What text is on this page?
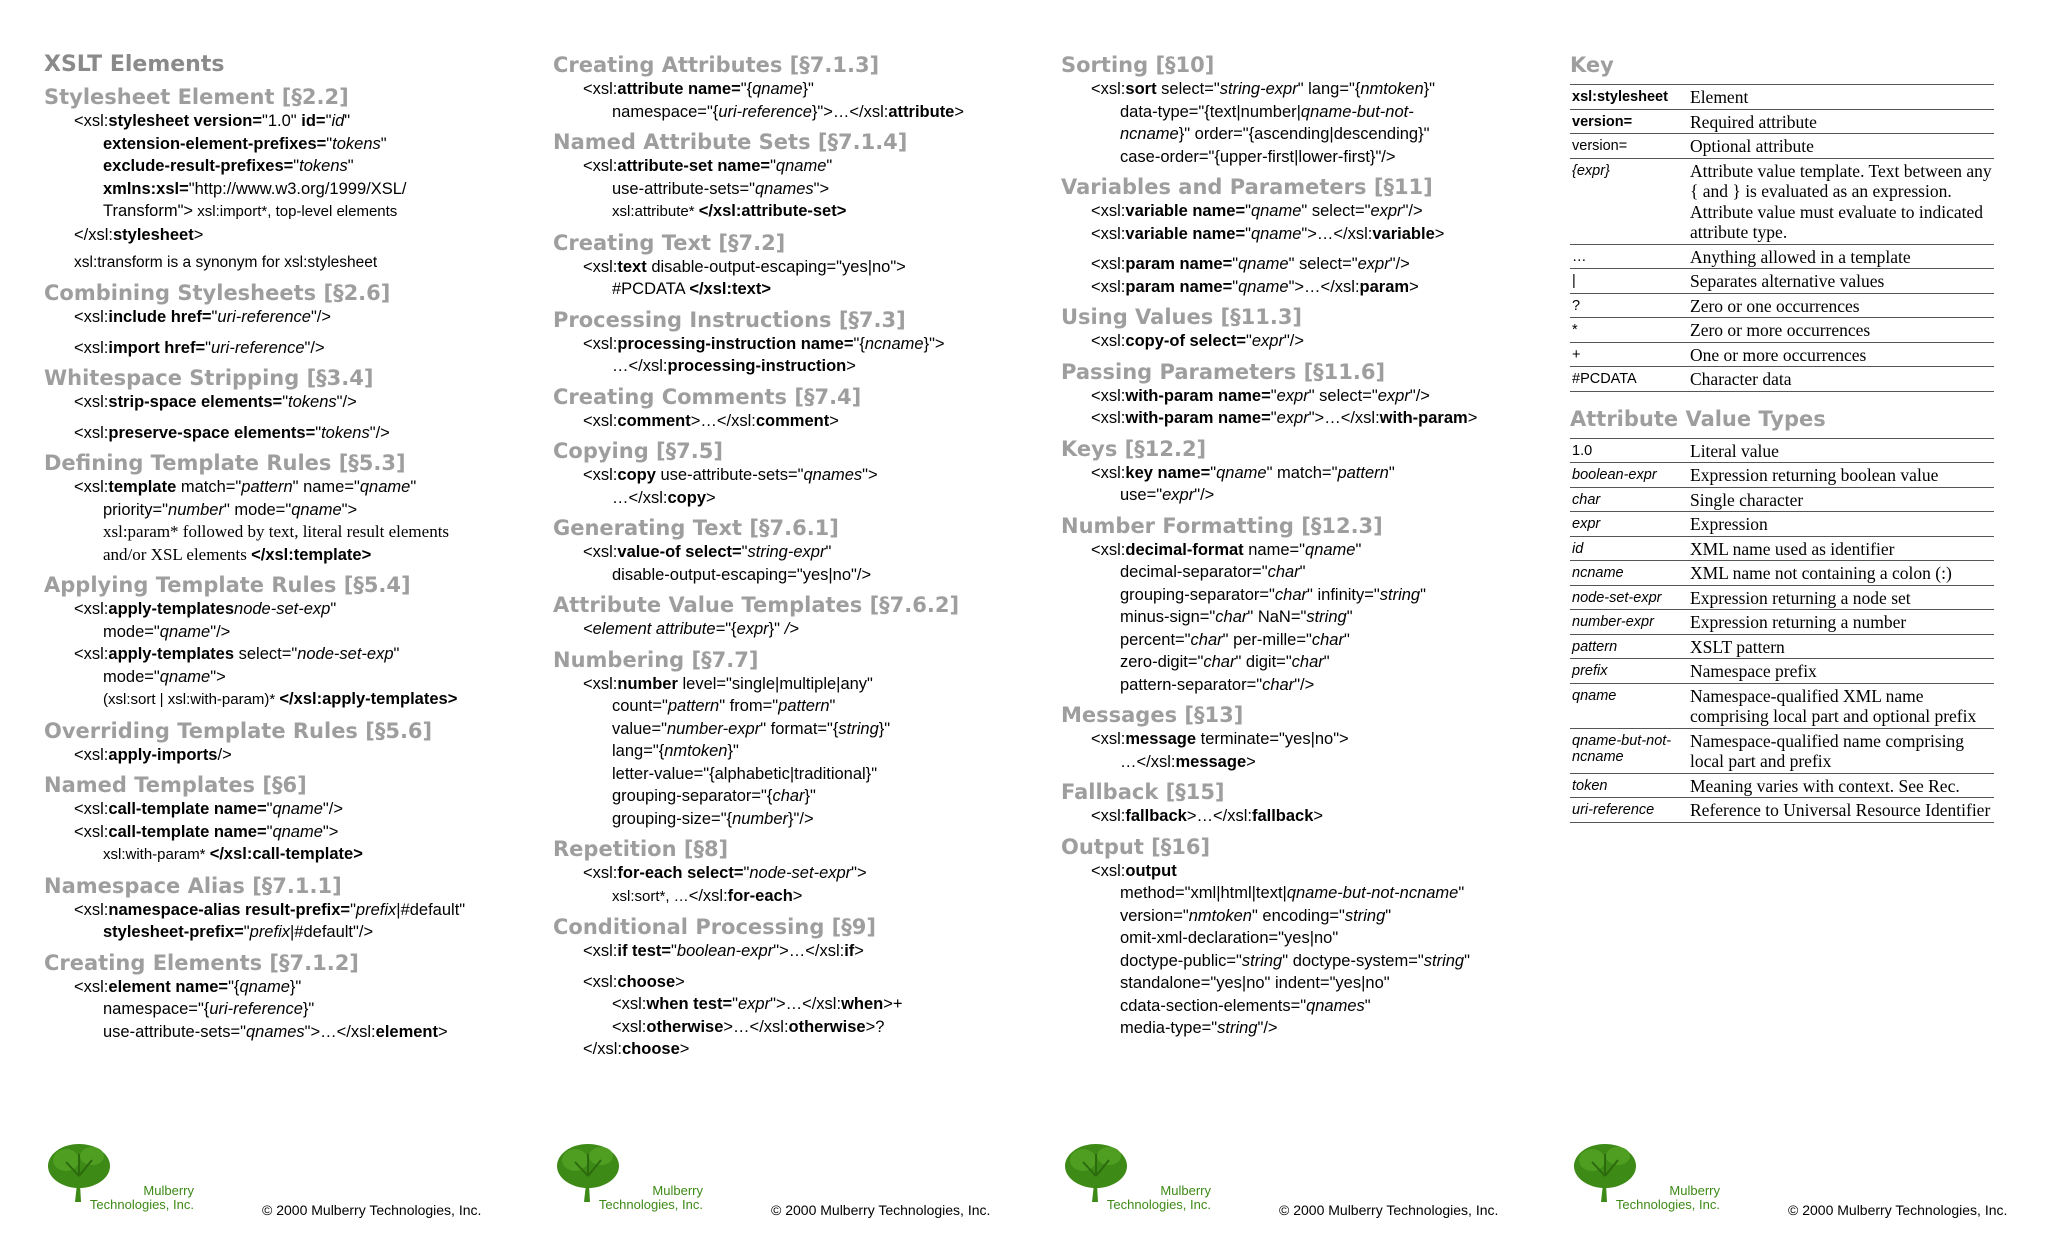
XSLT Elements
Stylesheet Element [§2.2]
<xsl:stylesheet version="1.0" id="id"
extension-element-prefixes="tokens"
exclude-result-prefixes="tokens"
xmlns:xsl="http://www.w3.org/1999/XSL/
Transform"> xsl:import*, top-level elements
</xsl:stylesheet>
xsl:transform is a synonym for xsl:stylesheet
Combining Stylesheets [§2.6]
<xsl:include href="uri-reference"/>
<xsl:import href="uri-reference"/>
Whitespace Stripping [§3.4]
<xsl:strip-space elements="tokens"/>
<xsl:preserve-space elements="tokens"/>
Defining Template Rules [§5.3]
<xsl:template match="pattern" name="qname"
priority="number" mode="qname">
xsl:param* followed by text, literal result elements
and/or XSL elements </xsl:template>
Applying Template Rules [§5.4]
<xsl:apply-templatesnode-set-exp"
mode="qname"/>
<xsl:apply-templates select="node-set-exp"
mode="qname">
(xsl:sort | xsl:with-param)* </xsl:apply-templates>
Overriding Template Rules [§5.6]
<xsl:apply-imports/>
Named Templates [§6]
<xsl:call-template name="qname"/>
<xsl:call-template name="qname">
xsl:with-param* </xsl:call-template>
Namespace Alias [§7.1.1]
<xsl:namespace-alias result-prefix="prefix|#default"
stylesheet-prefix="prefix|#default"/>
Creating Elements [§7.1.2]
<xsl:element name="{qname}"
namespace="{uri-reference}"
use-attribute-sets="qnames">…</xsl:element>
Creating Attributes [§7.1.3]
<xsl:attribute name="{qname}"
namespace="{uri-reference}">…</xsl:attribute>
Named Attribute Sets [§7.1.4]
<xsl:attribute-set name="qname"
use-attribute-sets="qnames">
xsl:attribute* </xsl:attribute-set>
Creating Text [§7.2]
<xsl:text disable-output-escaping="yes|no">
#PCDATA </xsl:text>
Processing Instructions [§7.3]
<xsl:processing-instruction name="{ncname}">
…</xsl:processing-instruction>
Creating Comments [§7.4]
<xsl:comment>…</xsl:comment>
Copying [§7.5]
<xsl:copy use-attribute-sets="qnames">
…</xsl:copy>
Generating Text [§7.6.1]
<xsl:value-of select="string-expr"
disable-output-escaping="yes|no"/>
Attribute Value Templates [§7.6.2]
<element attribute="{expr}" />
Numbering [§7.7]
<xsl:number level="single|multiple|any"
count="pattern" from="pattern"
value="number-expr" format="{string}"
lang="{nmtoken}"
letter-value="{alphabetic|traditional}"
grouping-separator="{char}"
grouping-size="{number}"/>
Repetition [§8]
<xsl:for-each select="node-set-expr">
xsl:sort*, …</xsl:for-each>
Conditional Processing [§9]
<xsl:if test="boolean-expr">…</xsl:if>
<xsl:choose>
<xsl:when test="expr">…</xsl:when>+
<xsl:otherwise>…</xsl:otherwise>?
</xsl:choose>
Sorting [§10]
<xsl:sort select="string-expr" lang="{nmtoken}"
data-type="{text|number|qname-but-not-
ncname}" order="{ascending|descending}"
case-order="{upper-first|lower-first}"/>
Variables and Parameters [§11]
<xsl:variable name="qname" select="expr"/>
<xsl:variable name="qname">…</xsl:variable>
<xsl:param name="qname" select="expr"/>
<xsl:param name="qname">…</xsl:param>
Using Values [§11.3]
<xsl:copy-of select="expr"/>
Passing Parameters [§11.6]
<xsl:with-param name="expr" select="expr"/>
<xsl:with-param name="expr">…</xsl:with-param>
Keys [§12.2]
<xsl:key name="qname" match="pattern"
use="expr"/>
Number Formatting [§12.3]
<xsl:decimal-format name="qname"
decimal-separator="char"
grouping-separator="char" infinity="string"
minus-sign="char" NaN="string"
percent="char" per-mille="char"
zero-digit="char" digit="char"
pattern-separator="char"/>
Messages [§13]
<xsl:message terminate="yes|no">
…</xsl:message>
Fallback [§15]
<xsl:fallback>…</xsl:fallback>
Output [§16]
<xsl:output
method="xml|html|text|qname-but-not-ncname"
version="nmtoken" encoding="string"
omit-xml-declaration="yes|no"
doctype-public="string" doctype-system="string"
standalone="yes|no" indent="yes|no"
cdata-section-elements="qnames"
media-type="string"/>
Key
xsl:stylesheet	Element
version=	Required attribute
version=	Optional attribute
{expr}	Attribute value template. Text between any { and } is evaluated as an expression. Attribute value must evaluate to indicated attribute type.
…	Anything allowed in a template
|	Separates alternative values
?	Zero or one occurrences
*	Zero or more occurrences
+	One or more occurrences
#PCDATA	Character data
Attribute Value Types
1.0	Literal value
boolean-expr	Expression returning boolean value
char	Single character
expr	Expression
id	XML name used as identifier
ncname	XML name not containing a colon (:)
node-set-expr	Expression returning a node set
number-expr	Expression returning a number
pattern	XSLT pattern
prefix	Namespace prefix
qname	Namespace-qualified XML name comprising local part and optional prefix
qname-but-not-ncname	Namespace-qualified name comprising local part and prefix
token	Meaning varies with context. See Rec.
uri-reference	Reference to Universal Resource Identifier
Mulberry
Technologies, Inc.	© 2000 Mulberry Technologies, Inc.
Mulberry
Technologies, Inc.	© 2000 Mulberry Technologies, Inc.
Mulberry
Technologies, Inc.	© 2000 Mulberry Technologies, Inc.
Mulberry
Technologies, Inc.	© 2000 Mulberry Technologies, Inc.
